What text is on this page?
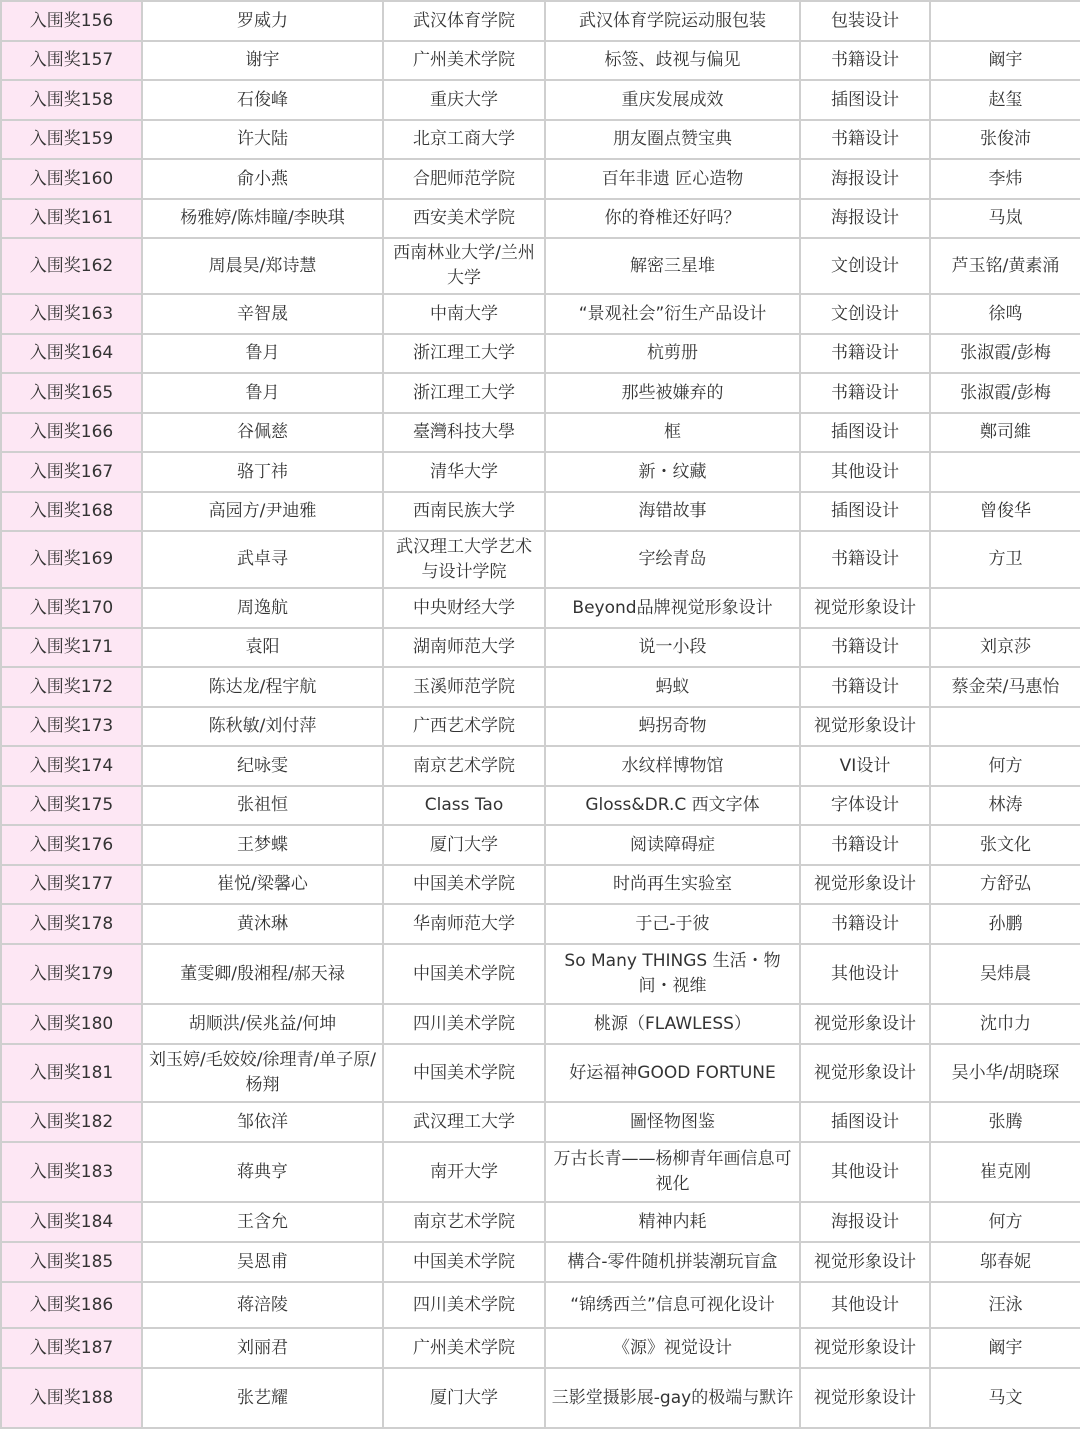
入围奖156	罗威力	武汉体育学院	武汉体育学院运动服包装	包装设计	
入围奖157	谢宇	广州美术学院	标签、歧视与偏见	书籍设计	阚宇
入围奖158	石俊峰	重庆大学	重庆发展成效	插图设计	赵玺
入围奖159	许大陆	北京工商大学	朋友圈点赞宝典	书籍设计	张俊沛
入围奖160	俞小燕	合肥师范学院	百年非遗 匠心造物	海报设计	李炜
入围奖161	杨雅婷/陈炜瞳/李映琪	西安美术学院	你的脊椎还好吗？	海报设计	马岚
入围奖162	周晨昊/郑诗慧	西南林业大学/兰州大学	解密三星堆	文创设计	芦玉铭/黄素涌
入围奖163	辛智晟	中南大学	“景观社会”衍生产品设计	文创设计	徐鸣
入围奖164	鲁月	浙江理工大学	杭剪册	书籍设计	张淑霞/彭梅
入围奖165	鲁月	浙江理工大学	那些被嫌弃的	书籍设计	张淑霞/彭梅
入围奖166	谷佩慈	臺灣科技大學	框	插图设计	鄭司維
入围奖167	骆丁祎	清华大学	新・纹藏	其他设计	
入围奖168	高园方/尹迪雅	西南民族大学	海错故事	插图设计	曾俊华
入围奖169	武卓寻	武汉理工大学艺术与设计学院	字绘青岛	书籍设计	方卫
入围奖170	周逸航	中央财经大学	Beyond品牌视觉形象设计	视觉形象设计	
入围奖171	袁阳	湖南师范大学	说一小段	书籍设计	刘京莎
入围奖172	陈达龙/程宇航	玉溪师范学院	蚂蚁	书籍设计	蔡金荣/马惠怡
入围奖173	陈秋敏/刘付萍	广西艺术学院	蚂拐奇物	视觉形象设计	
入围奖174	纪咏雯	南京艺术学院	水纹样博物馆	VI设计	何方
入围奖175	张祖恒	Class Tao	Gloss&DR.C 西文字体	字体设计	林涛
入围奖176	王梦蝶	厦门大学	阅读障碍症	书籍设计	张文化
入围奖177	崔悦/梁馨心	中国美术学院	时尚再生实验室	视觉形象设计	方舒弘
入围奖178	黄沐琳	华南师范大学	于己-于彼	书籍设计	孙鹏
入围奖179	董雯卿/殷湘程/郝天禄	中国美术学院	So Many THINGS 生活・物间・视维	其他设计	吴炜晨
入围奖180	胡顺洪/侯兆益/何坤	四川美术学院	桃源（FLAWLESS）	视觉形象设计	沈巾力
入围奖181	刘玉婷/毛姣姣/徐理青/单子原/杨翔	中国美术学院	好运福神GOOD FORTUNE	视觉形象设计	吴小华/胡晓琛
入围奖182	邹依洋	武汉理工大学	圖怪物图鉴	插图设计	张腾
入围奖183	蒋典亨	南开大学	万古长青——杨柳青年画信息可视化	其他设计	崔克刚
入围奖184	王含允	南京艺术学院	精神内耗	海报设计	何方
入围奖185	吴恩甫	中国美术学院	構合-零件随机拼装潮玩盲盒	视觉形象设计	邬春妮
入围奖186	蒋涪陵	四川美术学院	“锦绣西兰”信息可视化设计	其他设计	汪泳
入围奖187	刘丽君	广州美术学院	《源》视觉设计	视觉形象设计	阚宇
入围奖188	张艺耀	厦门大学	三影堂摄影展-gay的极端与默许	视觉形象设计	马文
